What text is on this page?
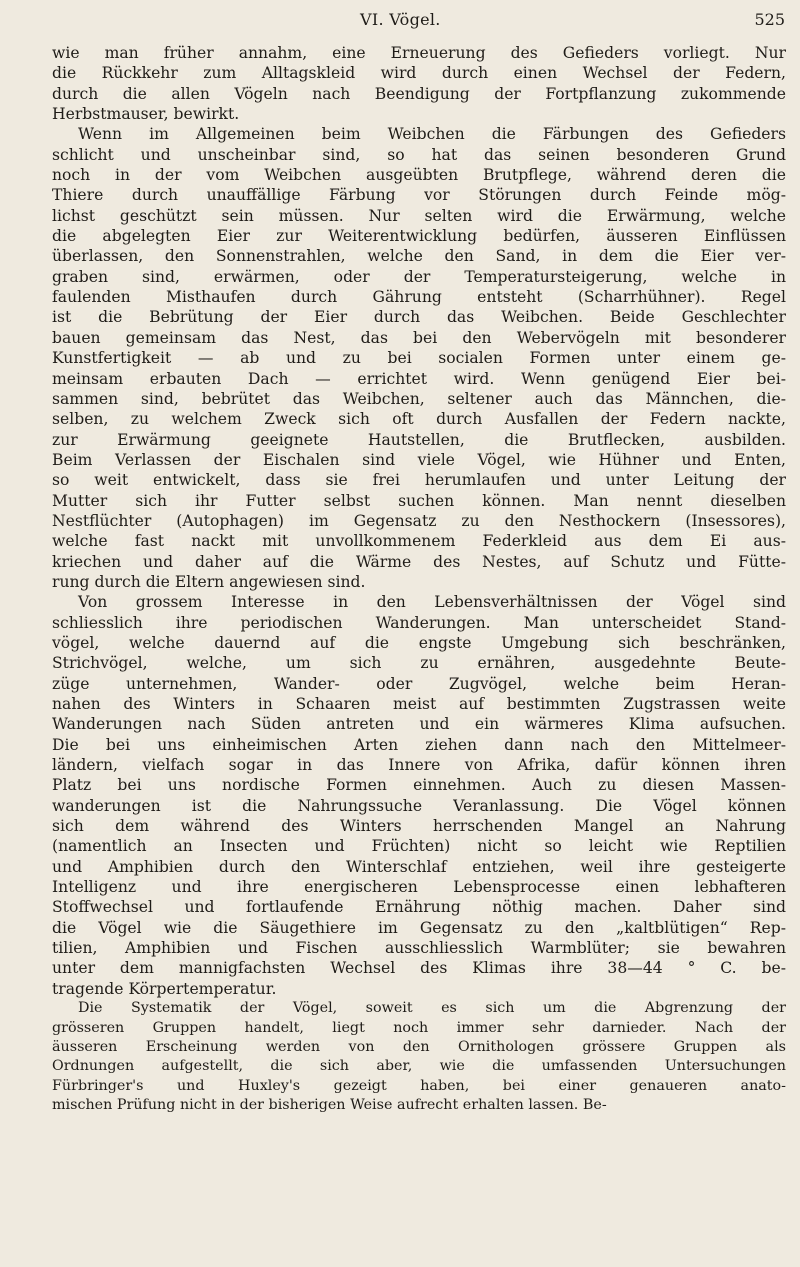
VI. Vögel.	525
wie man früher annahm, eine Erneuerung des Gefieders vorliegt. Nur
die Rückkehr zum Alltagskleid wird durch einen Wechsel der Federn,
durch die allen Vögeln nach Beendigung der Fortpflanzung zukommende
Herbstmauser, bewirkt.
Wenn im Allgemeinen beim Weibchen die Färbungen des Gefieders
schlicht und unscheinbar sind, so hat das seinen besonderen Grund
noch in der vom Weibchen ausgeübten Brutpflege, während deren die
Thiere durch unauffällige Färbung vor Störungen durch Feinde mög-
lichst geschützt sein müssen. Nur selten wird die Erwärmung, welche
die abgelegten Eier zur Weiterentwicklung bedürfen, äusseren Einflüssen
überlassen, den Sonnenstrahlen, welche den Sand, in dem die Eier ver-
graben sind, erwärmen, oder der Temperatursteigerung, welche in
faulenden Misthaufen durch Gährung entsteht (Scharrhühner). Regel
ist die Bebrütung der Eier durch das Weibchen. Beide Geschlechter
bauen gemeinsam das Nest, das bei den Webervögeln mit besonderer
Kunstfertigkeit — ab und zu bei socialen Formen unter einem ge-
meinsam erbauten Dach — errichtet wird. Wenn genügend Eier bei-
sammen sind, bebrütet das Weibchen, seltener auch das Männchen, die-
selben, zu welchem Zweck sich oft durch Ausfallen der Federn nackte,
zur Erwärmung geeignete Hautstellen, die Brutflecken, ausbilden.
Beim Verlassen der Eischalen sind viele Vögel, wie Hühner und Enten,
so weit entwickelt, dass sie frei herumlaufen und unter Leitung der
Mutter sich ihr Futter selbst suchen können. Man nennt dieselben
Nestflüchter (Autophagen) im Gegensatz zu den Nesthockern (Insessores),
welche fast nackt mit unvollkommenem Federkleid aus dem Ei aus-
kriechen und daher auf die Wärme des Nestes, auf Schutz und Fütte-
rung durch die Eltern angewiesen sind.
Von grossem Interesse in den Lebensverhältnissen der Vögel sind
schliesslich ihre periodischen Wanderungen. Man unterscheidet Stand-
vögel, welche dauernd auf die engste Umgebung sich beschränken,
Strichvögel, welche, um sich zu ernähren, ausgedehnte Beute-
züge unternehmen, Wander- oder Zugvögel, welche beim Heran-
nahen des Winters in Schaaren meist auf bestimmten Zugstrassen weite
Wanderungen nach Süden antreten und ein wärmeres Klima aufsuchen.
Die bei uns einheimischen Arten ziehen dann nach den Mittelmeer-
ländern, vielfach sogar in das Innere von Afrika, dafür können ihren
Platz bei uns nordische Formen einnehmen. Auch zu diesen Massen-
wanderungen ist die Nahrungssuche Veranlassung. Die Vögel können
sich dem während des Winters herrschenden Mangel an Nahrung
(namentlich an Insecten und Früchten) nicht so leicht wie Reptilien
und Amphibien durch den Winterschlaf entziehen, weil ihre gesteigerte
Intelligenz und ihre energischeren Lebensprocesse einen lebhafteren
Stoffwechsel und fortlaufende Ernährung nöthig machen. Daher sind
die Vögel wie die Säugethiere im Gegensatz zu den „kaltblütigen“ Rep-
tilien, Amphibien und Fischen ausschliesslich Warmblüter; sie bewahren
unter dem mannigfachsten Wechsel des Klimas ihre 38—44 ° C. be-
tragende Körpertemperatur.
Die Systematik der Vögel, soweit es sich um die Abgrenzung der
grösseren Gruppen handelt, liegt noch immer sehr darnieder. Nach der
äusseren Erscheinung werden von den Ornithologen grössere Gruppen als
Ordnungen aufgestellt, die sich aber, wie die umfassenden Untersuchungen
Fürbringer's und Huxley's gezeigt haben, bei einer genaueren anato-
mischen Prüfung nicht in der bisherigen Weise aufrecht erhalten lassen. Be-
